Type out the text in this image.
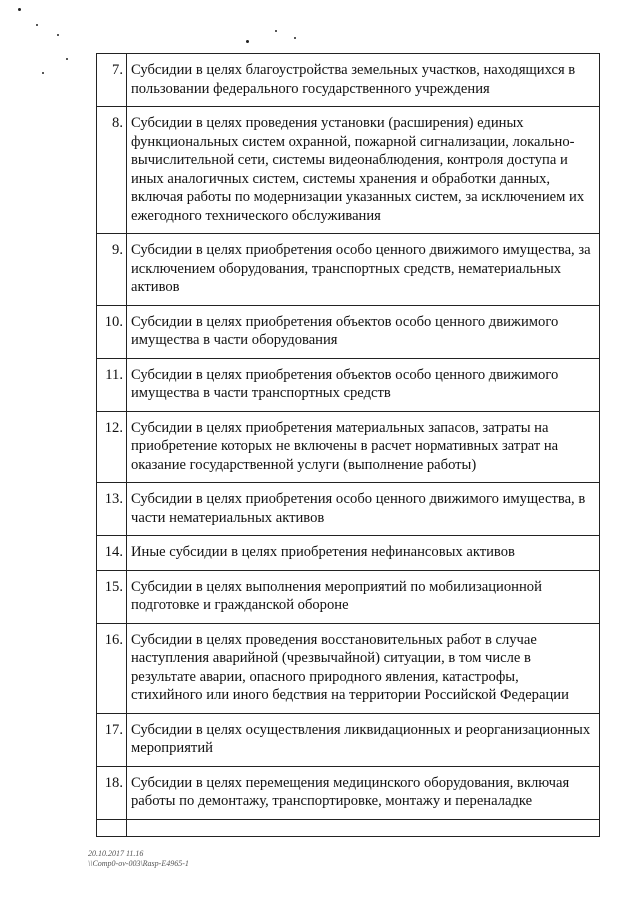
7.	Субсидии в целях благоустройства земельных участков, находящихся в пользовании федерального государственного учреждения
8.	Субсидии в целях проведения установки (расширения) единых функциональных систем охранной, пожарной сигнализации, локально-вычислительной сети, системы видеонаблюдения, контроля доступа и иных аналогичных систем, системы хранения и обработки данных, включая работы по модернизации указанных систем, за исключением их ежегодного технического обслуживания
9.	Субсидии в целях приобретения особо ценного движимого имущества, за исключением оборудования, транспортных средств, нематериальных активов
10.	Субсидии в целях приобретения объектов особо ценного движимого имущества в части оборудования
11.	Субсидии в целях приобретения объектов особо ценного движимого имущества в части транспортных средств
12.	Субсидии в целях приобретения материальных запасов, затраты на приобретение которых не включены в расчет нормативных затрат на оказание государственной услуги (выполнение работы)
13.	Субсидии в целях приобретения особо ценного движимого имущества, в части нематериальных активов
14.	Иные субсидии в целях приобретения нефинансовых активов
15.	Субсидии в целях выполнения мероприятий по мобилизационной подготовке и гражданской обороне
16.	Субсидии в целях проведения восстановительных работ в случае наступления аварийной (чрезвычайной) ситуации, в том числе в результате аварии, опасного природного явления, катастрофы, стихийного или иного бедствия на территории Российской Федерации
17.	Субсидии в целях осуществления ликвидационных и реорганизационных мероприятий
18.	Субсидии в целях перемещения медицинского оборудования, включая работы по демонтажу, транспортировке, монтажу и переналадке

20.10.2017 11.16
\\Comp0-ov-003\Rasp-E4965-1
